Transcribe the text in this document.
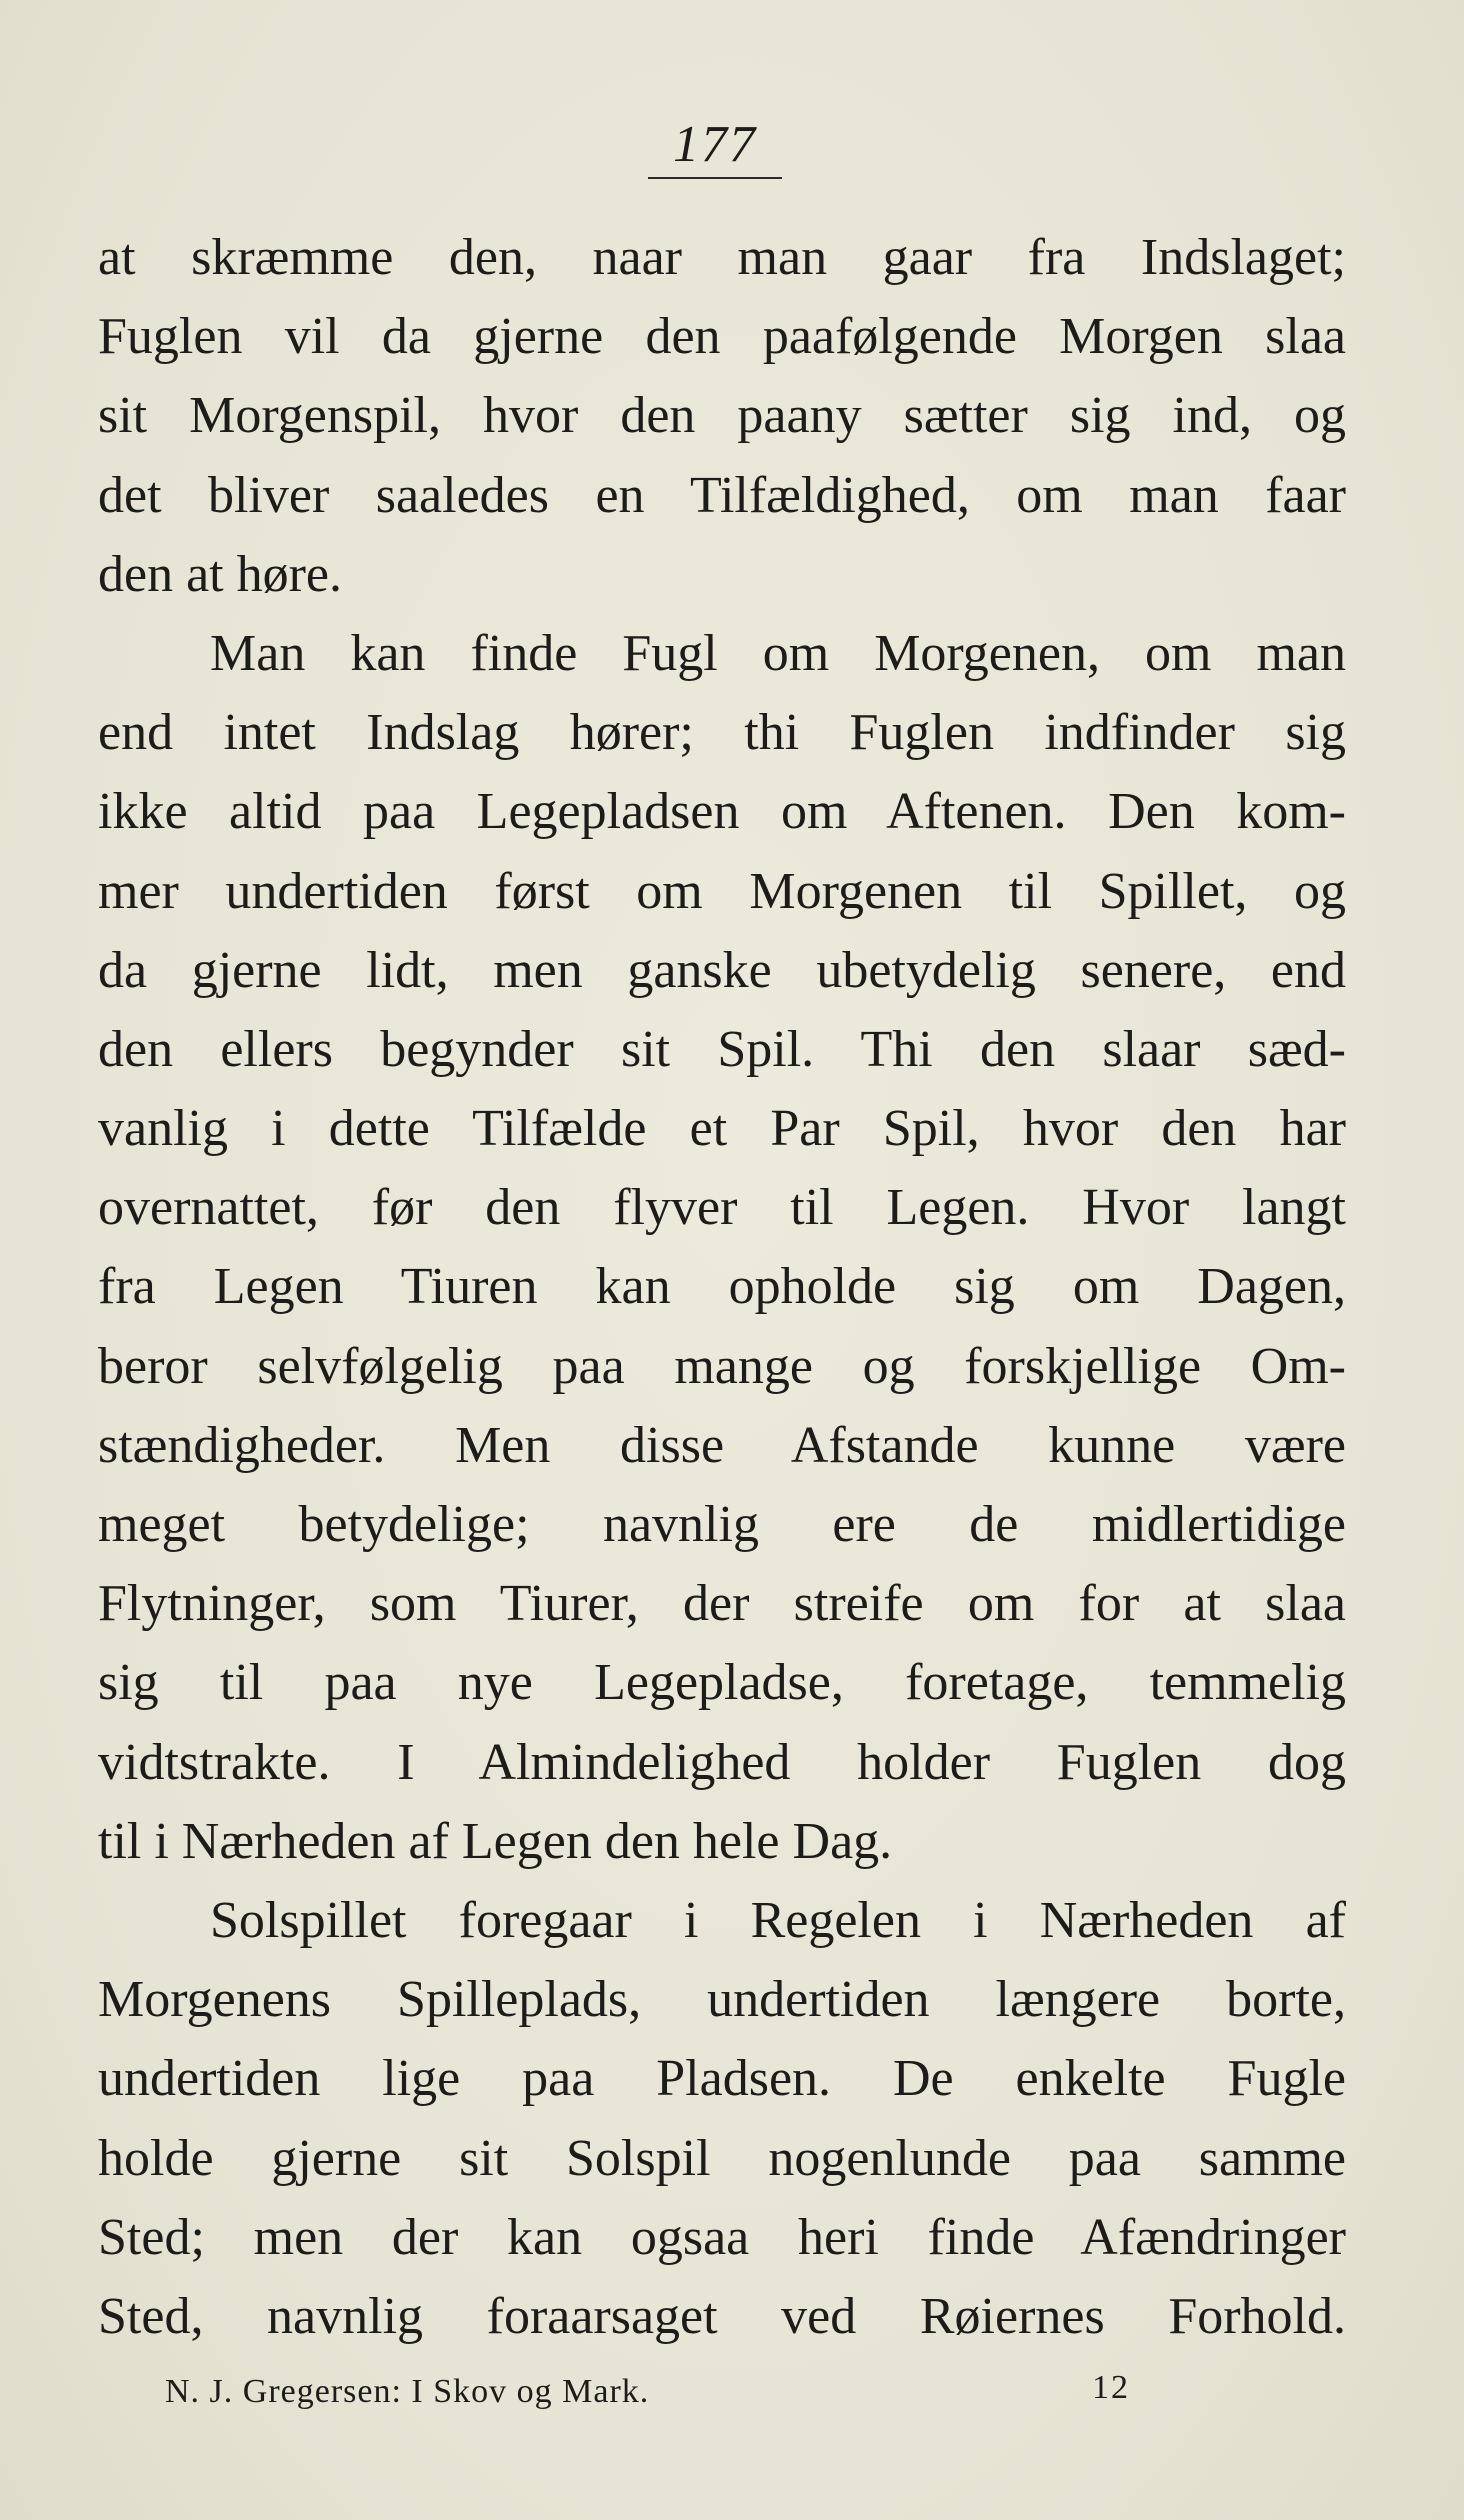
177
at skræmme den, naar man gaar fra Indslaget;
Fuglen vil da gjerne den paafølgende Morgen slaa
sit Morgenspil, hvor den paany sætter sig ind, og
det bliver saaledes en Tilfældighed, om man faar
den at høre.
Man kan finde Fugl om Morgenen, om man
end intet Indslag hører; thi Fuglen indfinder sig
ikke altid paa Legepladsen om Aftenen. Den kom-
mer undertiden først om Morgenen til Spillet, og
da gjerne lidt, men ganske ubetydelig senere, end
den ellers begynder sit Spil. Thi den slaar sæd-
vanlig i dette Tilfælde et Par Spil, hvor den har
overnattet, før den flyver til Legen. Hvor langt
fra Legen Tiuren kan opholde sig om Dagen,
beror selvfølgelig paa mange og forskjellige Om-
stændigheder. Men disse Afstande kunne være
meget betydelige; navnlig ere de midlertidige
Flytninger, som Tiurer, der streife om for at slaa
sig til paa nye Legepladse, foretage, temmelig
vidtstrakte. I Almindelighed holder Fuglen dog
til i Nærheden af Legen den hele Dag.
Solspillet foregaar i Regelen i Nærheden af
Morgenens Spilleplads, undertiden længere borte,
undertiden lige paa Pladsen. De enkelte Fugle
holde gjerne sit Solspil nogenlunde paa samme
Sted; men der kan ogsaa heri finde Afændringer
Sted, navnlig foraarsaget ved Røiernes Forhold.
N. J. Gregersen: I Skov og Mark.	12
